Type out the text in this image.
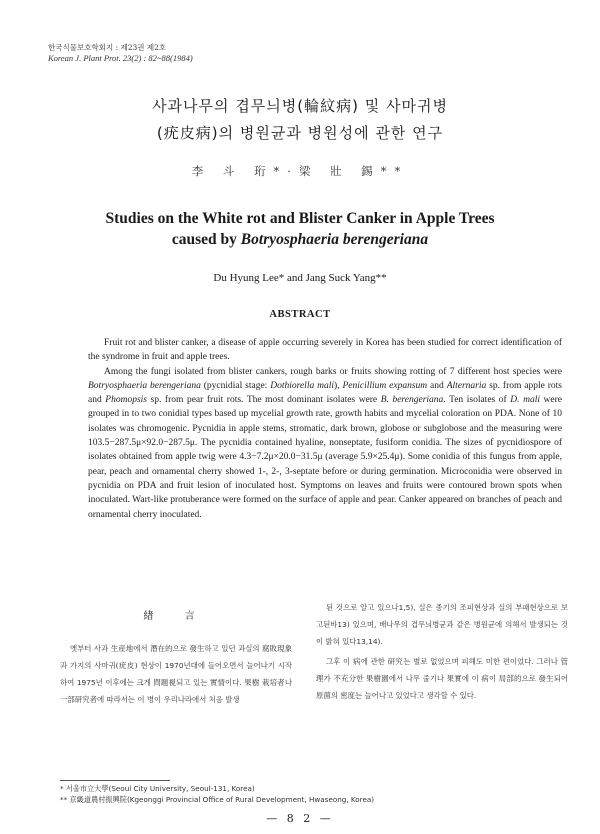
한국식물보호학회지 : 제23권 제2호
Korean J. Plant Prot. 23(2) : 82~88(1984)
사과나무의 겹무늬병(輪紋病) 및 사마귀병
(疣皮病)의 병원균과 병원성에 관한 연구
李 斗 珩*·梁 壯 錫**
Studies on the White rot and Blister Canker in Apple Trees
caused by Botryosphaeria berengeriana
Du Hyung Lee* and Jang Suck Yang**
ABSTRACT

Fruit rot and blister canker, a disease of apple occurring severely in Korea has been studied for correct identification of the syndrome in fruit and apple trees.

Among the fungi isolated from blister cankers, rough barks or fruits showing rotting of 7 different host species were Botryosphaeria berengeriana (pycnidial stage: Dothiorella mali), Penicillium expansum and Alternaria sp. from apple rots and Phomopsis sp. from pear fruit rots. The most dominant isolates were B. berengeriana. Ten isolates of D. mali were grouped in to two conidial types based up mycelial growth rate, growth habits and mycelial coloration on PDA. None of 10 isolates was chromogenic. Pycnidia in apple stems, stromatic, dark brown, globose or subglobose and the measuring were 103.5−287.5μ×92.0−287.5μ. The pycnidia contained hyaline, nonseptate, fusiform conidia. The sizes of pycnidiospore of isolates obtained from apple twig were 4.3−7.2μ×20.0−31.5μ (average 5.9×25.4μ). Some conidia of this fungus from apple, pear, peach and ornamental cherry showed 1-, 2-, 3-septate before or during germination. Microconidia were observed in pycnidia on PDA and fruit lesion of inoculated host. Symptoms on leaves and fruits were contoured brown spots when inoculated. Wart-like protuberance were formed on the surface of apple and pear. Canker appeared on branches of peach and ornamental cherry inoculated.

緖 言

옛부터 사과 生産地에서 潛在的으로 發生하고 있던 과실의 腐敗現象과 가지의 사마귀(疣皮) 현상이 1970년대에 들어오면서 늘어나기 시작하여 1975년 이후에는 크게 問題視되고 있는 實情이다. 果樹 栽培者나 一部研究者에 따라서는 이 병이 우리나라에서 처음 발생

된 것으로 알고 있으나1,5), 실은 종기의 조피현상과 실의 부패현상으로 보고된바13) 있으며, 배나무의 겹무늬병균과 같은 병원균에 의해서 발생되는 것이 밝혀 있다13,14).

그후 이 病에 관한 研究는 별로 없었으며 피해도 미한 편이었다. 그러나 管理가 不充分한 果樹園에서 나무 줄기나 果實에 이 病이 局部的으로 發生되어 原菌의 密度는 늘어나고 있었다고 생각할 수 있다.

* 서울市立大學(Seoul City University, Seoul-131, Korea)
** 京畿道農村振興院(Kgeonggi Provincial Office of Rural Development, Hwaseong, Korea)
— 8 2 —
